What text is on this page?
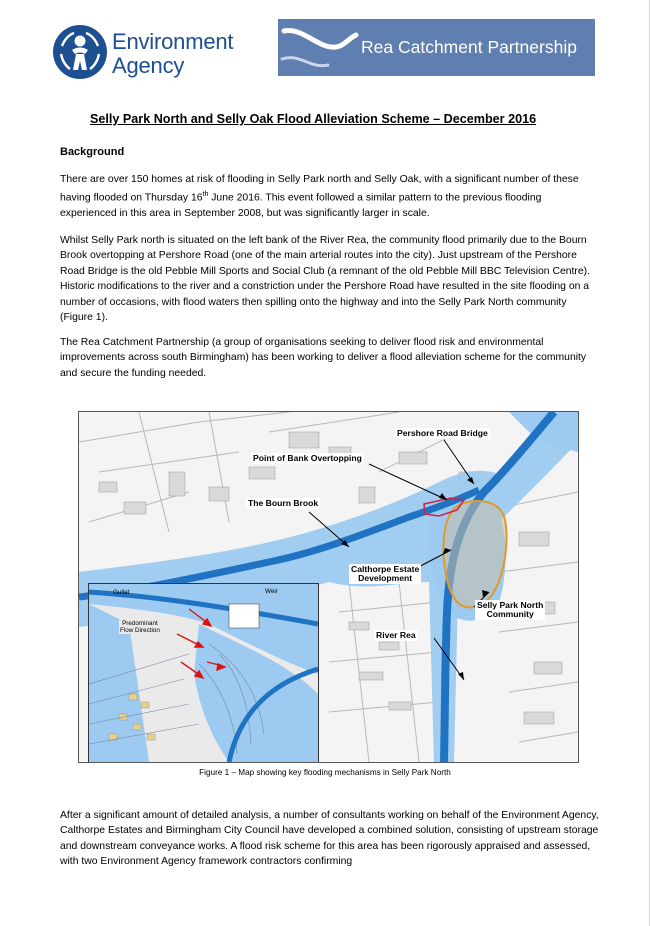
Environment
Agency
Rea Catchment Partnership
Selly Park North and Selly Oak Flood Alleviation Scheme – December 2016
Background
There are over 150 homes at risk of flooding in Selly Park north and Selly Oak, with a significant number of these having flooded on Thursday 16th June 2016. This event followed a similar pattern to the previous flooding experienced in this area in September 2008, but was significantly larger in scale.
Whilst Selly Park north is situated on the left bank of the River Rea, the community flood primarily due to the Bourn Brook overtopping at Pershore Road (one of the main arterial routes into the city). Just upstream of the Pershore Road Bridge is the old Pebble Mill Sports and Social Club (a remnant of the old Pebble Mill BBC Television Centre). Historic modifications to the river and a constriction under the Pershore Road have resulted in the site flooding on a number of occasions, with flood waters then spilling onto the highway and into the Selly Park North community (Figure 1).
The Rea Catchment Partnership (a group of organisations seeking to deliver flood risk and environmental improvements across south Birmingham) has been working to deliver a flood alleviation scheme for the community and secure the funding needed.
Gullet	Weir
Predominant
Flow Direction
Pershore Road Bridge
Point of Bank Overtopping
The Bourn Brook
Calthorpe Estate
Development
Selly Park North
Community
River Rea
Figure 1 – Map showing key flooding mechanisms in Selly Park North
After a significant amount of detailed analysis, a number of consultants working on behalf of the Environment Agency, Calthorpe Estates and Birmingham City Council have developed a combined solution, consisting of upstream storage and downstream conveyance works. A flood risk scheme for this area has been rigorously appraised and assessed, with two Environment Agency framework contractors confirming
